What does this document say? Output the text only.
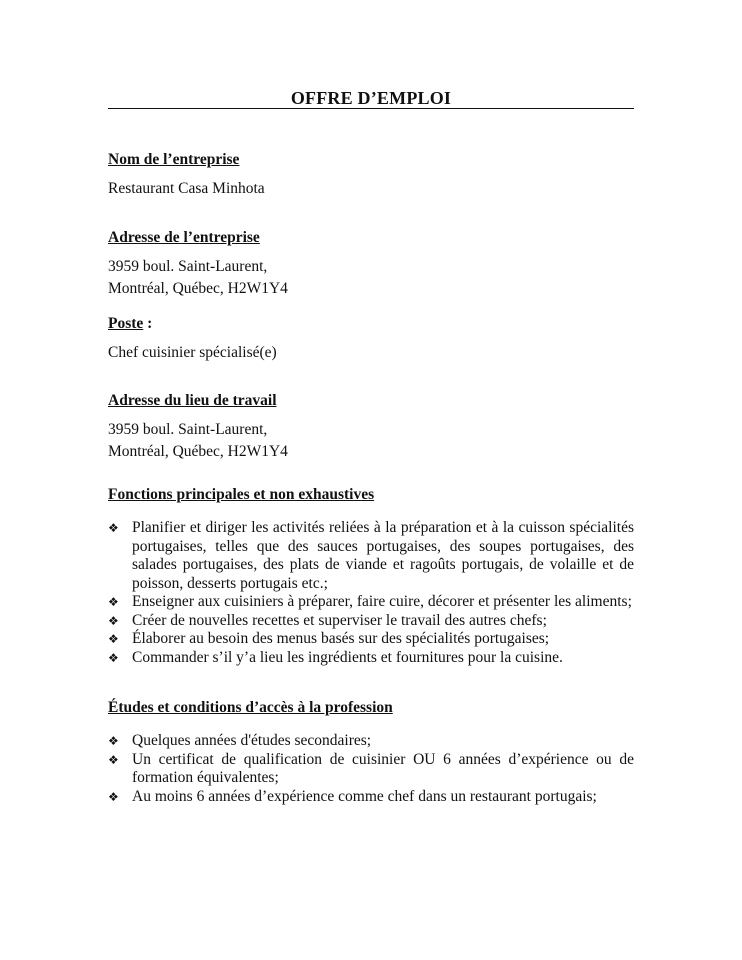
OFFRE D’EMPLOI
Nom de l’entreprise

Restaurant Casa Minhota

Adresse de l’entreprise

3959 boul. Saint-Laurent,

Montréal, Québec, H2W1Y4

Poste :

Chef cuisinier spécialisé(e)

Adresse du lieu de travail

3959 boul. Saint-Laurent,

Montréal, Québec, H2W1Y4

Fonctions principales et non exhaustives
❖ Planifier et diriger les activités reliées à la préparation et à la cuisson spécialités portugaises, telles que des sauces portugaises, des soupes portugaises, des salades portugaises, des plats de viande et ragoûts portugais, de volaille et de poisson, desserts portugais etc.;
❖ Enseigner aux cuisiniers à préparer, faire cuire, décorer et présenter les aliments;
❖ Créer de nouvelles recettes et superviser le travail des autres chefs;
❖ Élaborer au besoin des menus basés sur des spécialités portugaises;
❖ Commander s’il y’a lieu les ingrédients et fournitures pour la cuisine.
Études et conditions d’accès à la profession
❖ Quelques années d'études secondaires;
❖ Un certificat de qualification de cuisinier OU 6 années d’expérience ou de formation équivalentes;
❖ Au moins 6 années d’expérience comme chef dans un restaurant portugais;
